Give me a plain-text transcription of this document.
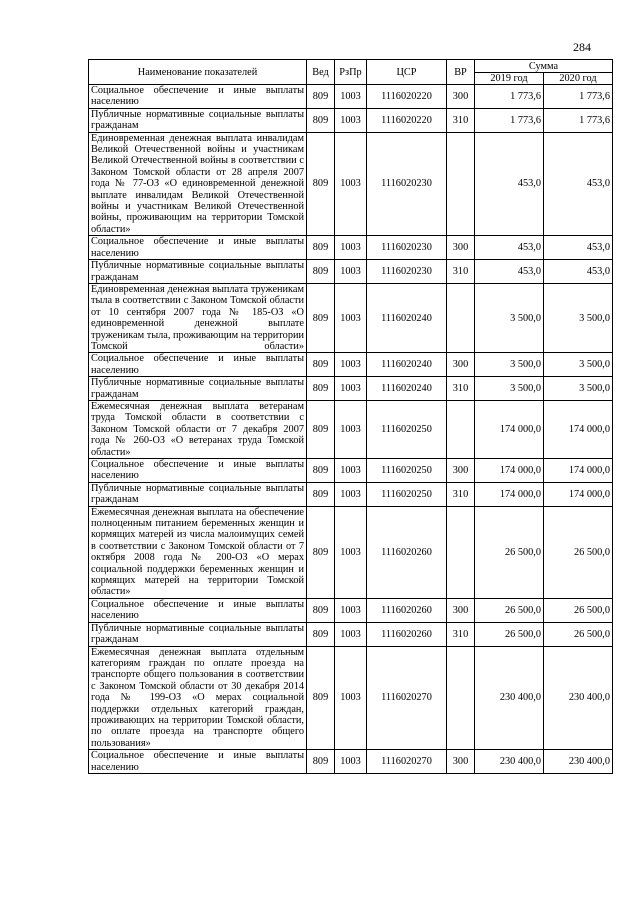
284
Наименование показателей	Вед	РзПр	ЦСР	ВР	Сумма	
					2019 год	2020 год
Социальное обеспечение и иные выплаты населению	809	1003	1116020220	300	1 773,6	1 773,6
Публичные нормативные социальные выплаты гражданам	809	1003	1116020220	310	1 773,6	1 773,6
Единовременная денежная выплата инвалидам Великой Отечественной войны и участникам Великой Отечественной войны в соответствии с Законом Томской области от 28 апреля 2007 года № 77-ОЗ «О единовременной денежной выплате инвалидам Великой Отечественной войны и участникам Великой Отечественной войны, проживающим на территории Томской области»	809	1003	1116020230		453,0	453,0
Социальное обеспечение и иные выплаты населению	809	1003	1116020230	300	453,0	453,0
Публичные нормативные социальные выплаты гражданам	809	1003	1116020230	310	453,0	453,0
Единовременная денежная выплата труженикам тыла в соответствии с Законом Томской области от 10 сентября 2007 года № 185-ОЗ «О единовременной денежной выплате труженикам тыла, проживающим на территории Томской области»	809	1003	1116020240		3 500,0	3 500,0
Социальное обеспечение и иные выплаты населению	809	1003	1116020240	300	3 500,0	3 500,0
Публичные нормативные социальные выплаты гражданам	809	1003	1116020240	310	3 500,0	3 500,0
Ежемесячная денежная выплата ветеранам труда Томской области в соответствии с Законом Томской области от 7 декабря 2007 года № 260-ОЗ «О ветеранах труда Томской области»	809	1003	1116020250		174 000,0	174 000,0
Социальное обеспечение и иные выплаты населению	809	1003	1116020250	300	174 000,0	174 000,0
Публичные нормативные социальные выплаты гражданам	809	1003	1116020250	310	174 000,0	174 000,0
Ежемесячная денежная выплата на обеспечение полноценным питанием беременных женщин и кормящих матерей из числа малоимущих семей в соответствии с Законом Томской области от 7 октября 2008 года № 200-ОЗ «О мерах социальной поддержки беременных женщин и кормящих матерей на территории Томской области»	809	1003	1116020260		26 500,0	26 500,0
Социальное обеспечение и иные выплаты населению	809	1003	1116020260	300	26 500,0	26 500,0
Публичные нормативные социальные выплаты гражданам	809	1003	1116020260	310	26 500,0	26 500,0
Ежемесячная денежная выплата отдельным категориям граждан по оплате проезда на транспорте общего пользования в соответствии с Законом Томской области от 30 декабря 2014 года № 199-ОЗ «О мерах социальной поддержки отдельных категорий граждан, проживающих на территории Томской области, по оплате проезда на транспорте общего пользования»	809	1003	1116020270		230 400,0	230 400,0
Социальное обеспечение и иные выплаты населению	809	1003	1116020270	300	230 400,0	230 400,0
